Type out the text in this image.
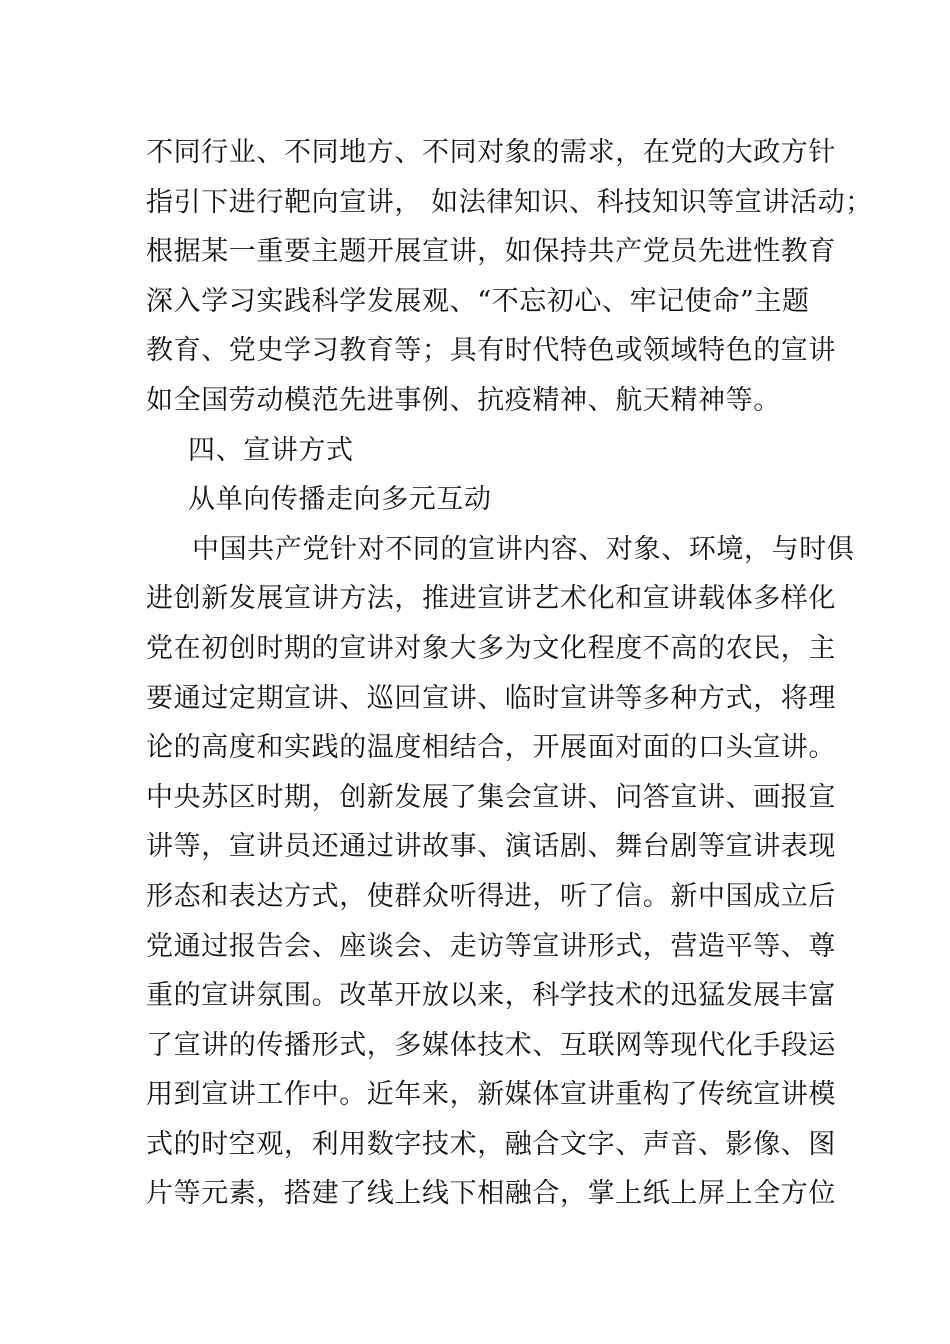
不同行业、不同地方、不同对象的需求，在党的大政方针
指引下进行靶向宣讲， 如法律知识、科技知识等宣讲活动；
根据某一重要主题开展宣讲，如保持共产党员先进性教育
深入学习实践科学发展观、“不忘初心、牢记使命”主题
教育、党史学习教育等；具有时代特色或领域特色的宣讲
如全国劳动模范先进事例、抗疫精神、航天精神等。
四、宣讲方式
从单向传播走向多元互动
中国共产党针对不同的宣讲内容、对象、环境，与时俱
进创新发展宣讲方法，推进宣讲艺术化和宣讲载体多样化
党在初创时期的宣讲对象大多为文化程度不高的农民，主
要通过定期宣讲、巡回宣讲、临时宣讲等多种方式，将理
论的高度和实践的温度相结合，开展面对面的口头宣讲。
中央苏区时期，创新发展了集会宣讲、问答宣讲、画报宣
讲等，宣讲员还通过讲故事、演话剧、舞台剧等宣讲表现
形态和表达方式，使群众听得进，听了信。新中国成立后
党通过报告会、座谈会、走访等宣讲形式，营造平等、尊
重的宣讲氛围。改革开放以来，科学技术的迅猛发展丰富
了宣讲的传播形式，多媒体技术、互联网等现代化手段运
用到宣讲工作中。近年来，新媒体宣讲重构了传统宣讲模
式的时空观，利用数字技术，融合文字、声音、影像、图
片等元素，搭建了线上线下相融合，掌上纸上屏上全方位
